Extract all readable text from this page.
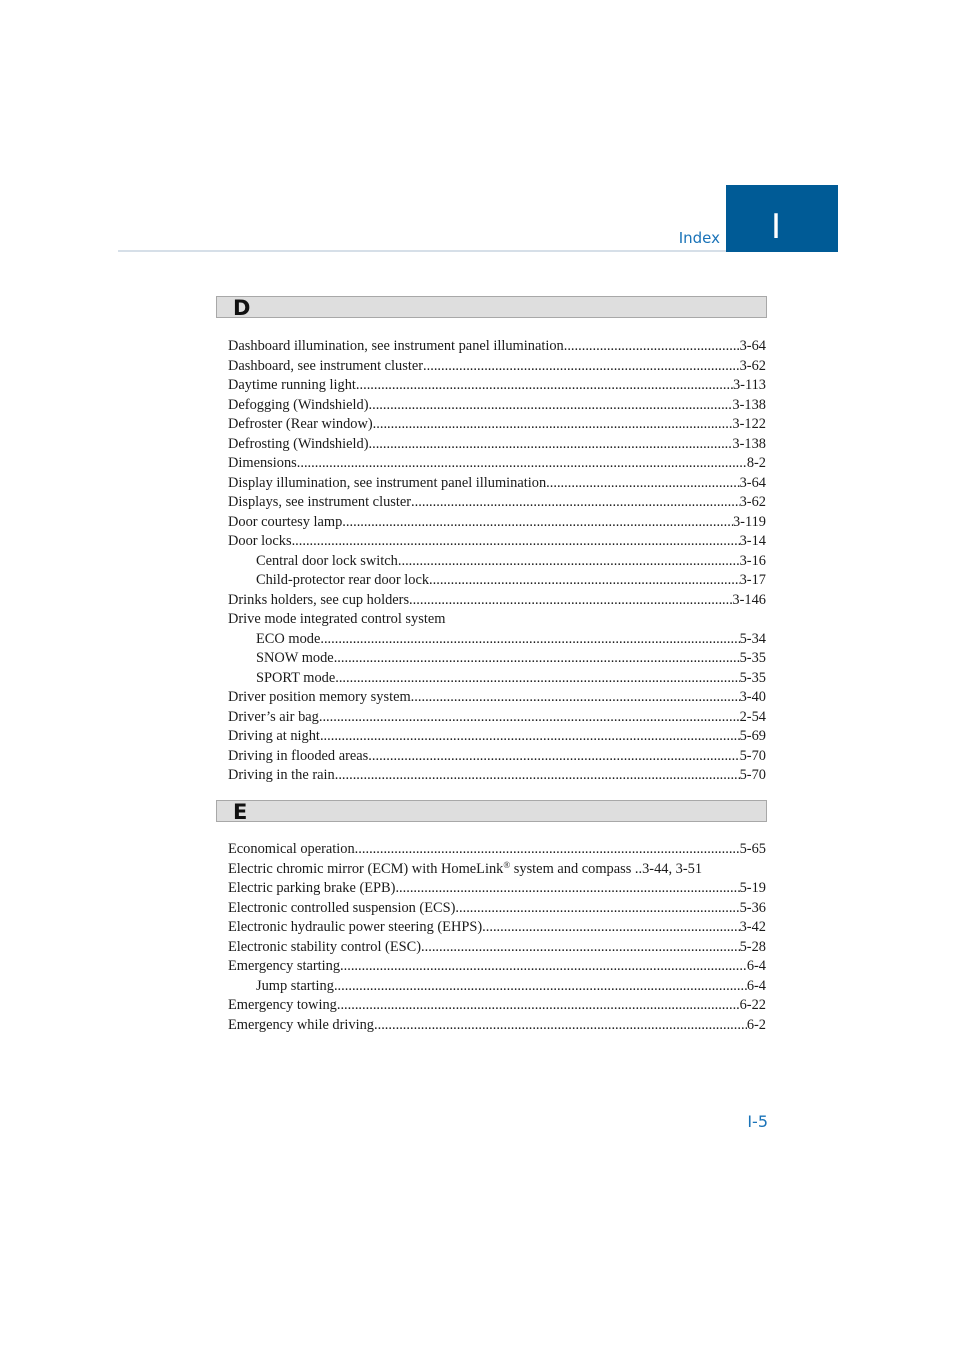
Index I
D
Dashboard illumination, see instrument panel illumination .....	3-64
Dashboard, see instrument cluster .....	3-62
Daytime running light .....	3-113
Defogging (Windshield) .....	3-138
Defroster (Rear window) .....	3-122
Defrosting (Windshield) .....	3-138
Dimensions .....	8-2
Display illumination, see instrument panel illumination .....	3-64
Displays, see instrument cluster .....	3-62
Door courtesy lamp .....	3-119
Door locks .....	3-14
Central door lock switch .....	3-16
Child-protector rear door lock .....	3-17
Drinks holders, see cup holders .....	3-146
Drive mode integrated control system
ECO mode .....	5-34
SNOW mode .....	5-35
SPORT mode .....	5-35
Driver position memory system .....	3-40
Driver’s air bag .....	2-54
Driving at night .....	5-69
Driving in flooded areas .....	5-70
Driving in the rain .....	5-70
E
Economical operation .....	5-65
Electric chromic mirror (ECM) with HomeLink® system and compass .. 3-44, 3-51
Electric parking brake (EPB) .....	5-19
Electronic controlled suspension (ECS) .....	5-36
Electronic hydraulic power steering (EHPS) .....	3-42
Electronic stability control (ESC) .....	5-28
Emergency starting .....	6-4
Jump starting .....	6-4
Emergency towing .....	6-22
Emergency while driving .....	6-2
I-5
